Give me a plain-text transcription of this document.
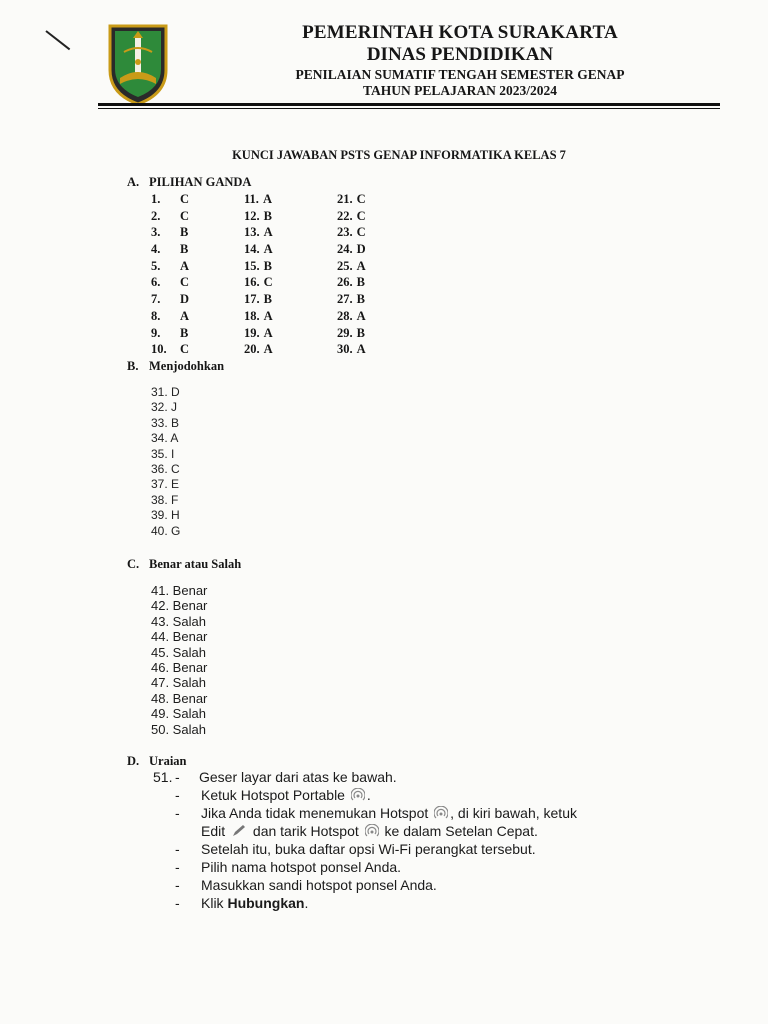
PEMERINTAH KOTA SURAKARTA
DINAS PENDIDIKAN
PENILAIAN SUMATIF TENGAH SEMESTER GENAP
TAHUN PELAJARAN 2023/2024
KUNCI JAWABAN PSTS GENAP INFORMATIKA KELAS 7
A. PILIHAN GANDA
1. C
2. C
3. B
4. B
5. A
6. C
7. D
8. A
9. B
10. C
11. A
12. B
13. A
14. A
15. B
16. C
17. B
18. A
19. A
20. A
21. C
22. C
23. C
24. D
25. A
26. B
27. B
28. A
29. B
30. A
B. Menjodohkan
31. D
32. J
33. B
34. A
35. I
36. C
37. E
38. F
39. H
40. G
C. Benar atau Salah
41. Benar
42. Benar
43. Salah
44. Benar
45. Salah
46. Benar
47. Salah
48. Benar
49. Salah
50. Salah
D. Uraian
51. - Geser layar dari atas ke bawah.
- Ketuk Hotspot Portable .
- Jika Anda tidak menemukan Hotspot , di kiri bawah, ketuk
Edit dan tarik Hotspot ke dalam Setelan Cepat.
- Setelah itu, buka daftar opsi Wi-Fi perangkat tersebut.
- Pilih nama hotspot ponsel Anda.
- Masukkan sandi hotspot ponsel Anda.
- Klik Hubungkan.
